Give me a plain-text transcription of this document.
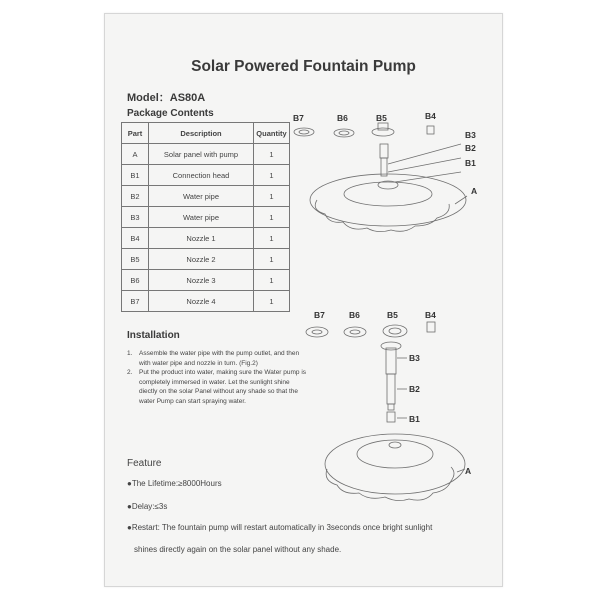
Solar Powered Fountain Pump
Model：AS80A
Package Contents
Part	Description	Quantity
A	Solar panel with pump	1
B1	Connection head	1
B2	Water pipe	1
B3	Water pipe	1
B4	Nozzle 1	1
B5	Nozzle 2	1
B6	Nozzle 3	1
B7	Nozzle 4	1
Installation
1. Assemble the water pipe with the pump outlet, and then with water pipe and nozzle in turn. (Fig.2)
2. Put the product into water, making sure the Water pump is completely immersed in water. Let the sunlight shine diectly on the solar Panel without any shade so that the water Pump can start spraying water.
Feature
●The Lifetime:≥8000Hours
●Delay:≤3s
●Restart: The fountain pump will restart automatically in 3seconds once bright sunlight
shines directly again on the solar panel without any shade.
B7	B6	B5	B4
B3
B2
B1
A
B7	B6	B5	B4
B3
B2
B1
A
